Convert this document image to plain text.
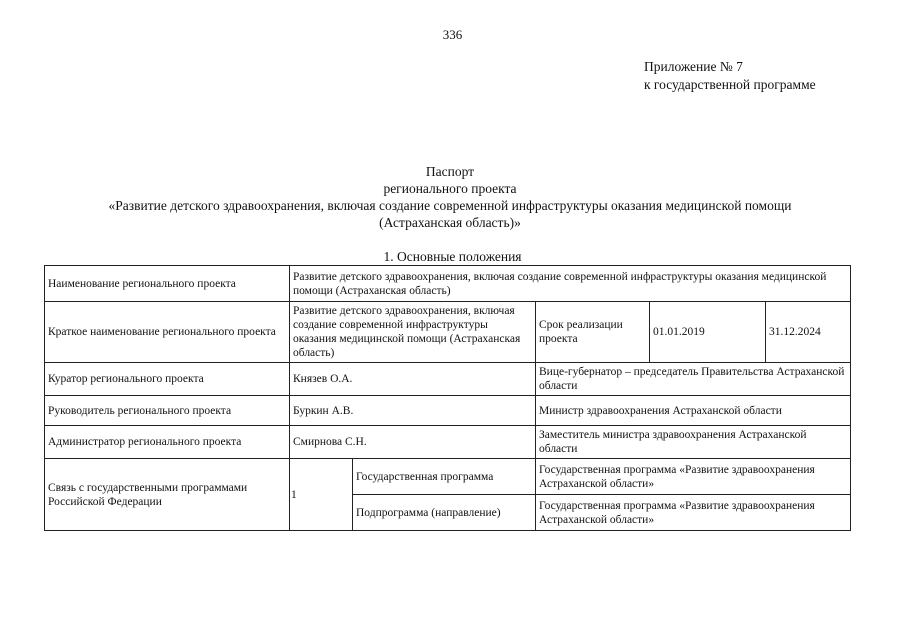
336
Приложение № 7
к государственной программе
Паспорт
регионального проекта
«Развитие детского здравоохранения, включая создание современной инфраструктуры оказания медицинской помощи
(Астраханская область)»
1. Основные положения
Наименование регионального проекта	Развитие детского здравоохранения, включая создание современной инфраструктуры оказания медицинской помощи (Астраханская область)				
Краткое наименование регионального проекта	Развитие детского здравоохранения, включая создание современной инфраструктуры оказания медицинской помощи (Астраханская область)		Срок реализации проекта	01.01.2019	31.12.2024
Куратор регионального проекта	Князев О.А.		Вице-губернатор – председатель Правительства Астраханской области		
Руководитель регионального проекта	Буркин А.В.		Министр здравоохранения Астраханской области		
Администратор регионального проекта	Смирнова С.Н.		Заместитель министра здравоохранения Астраханской области		
Связь с государственными программами Российской Федерации	1	Государственная программа	Государственная программа «Развитие здравоохранения Астраханской области»		
		Подпрограмма (направление)	Государственная программа «Развитие здравоохранения Астраханской области»		
